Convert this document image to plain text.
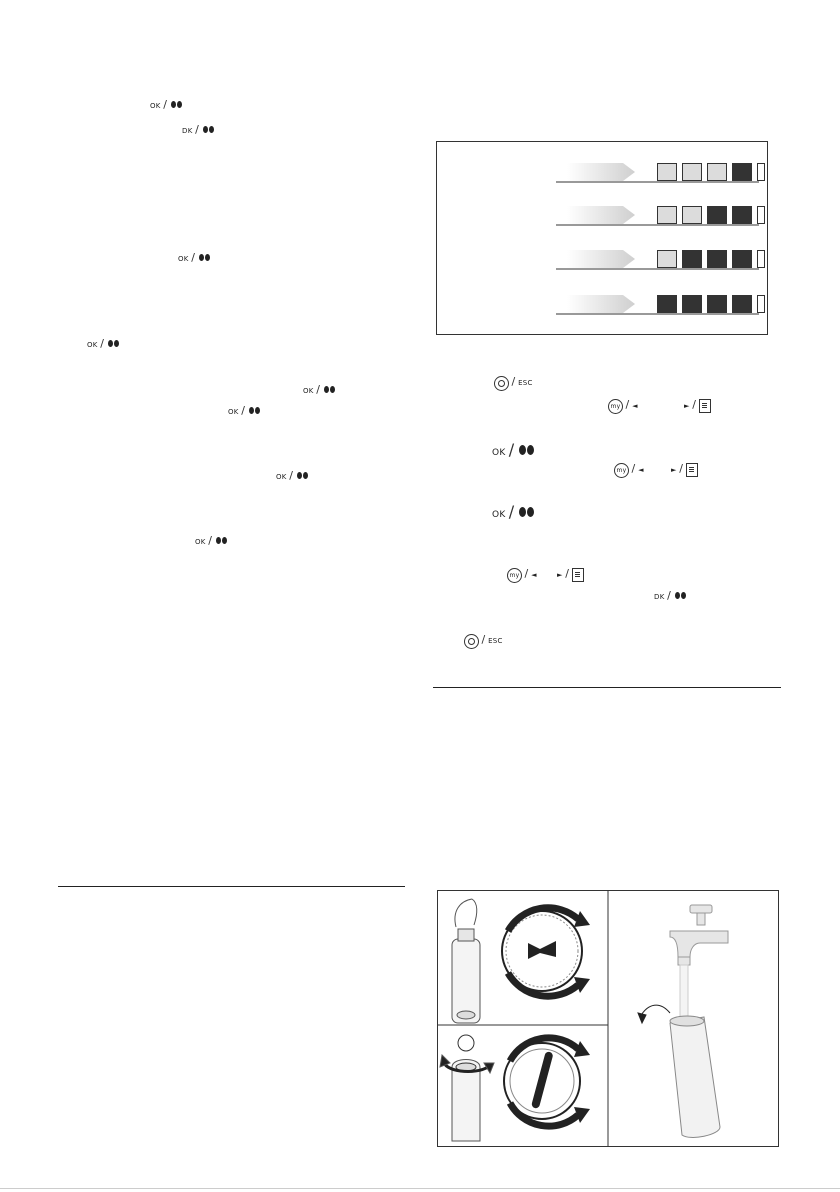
OK /
DK /
OK /
OK /
OK /
OK /
OK /
OK /
/ ESC
my / ◄	► /
OK /
my / ◄	► /
OK /
my / ◄	► /
DK /
/ ESC
